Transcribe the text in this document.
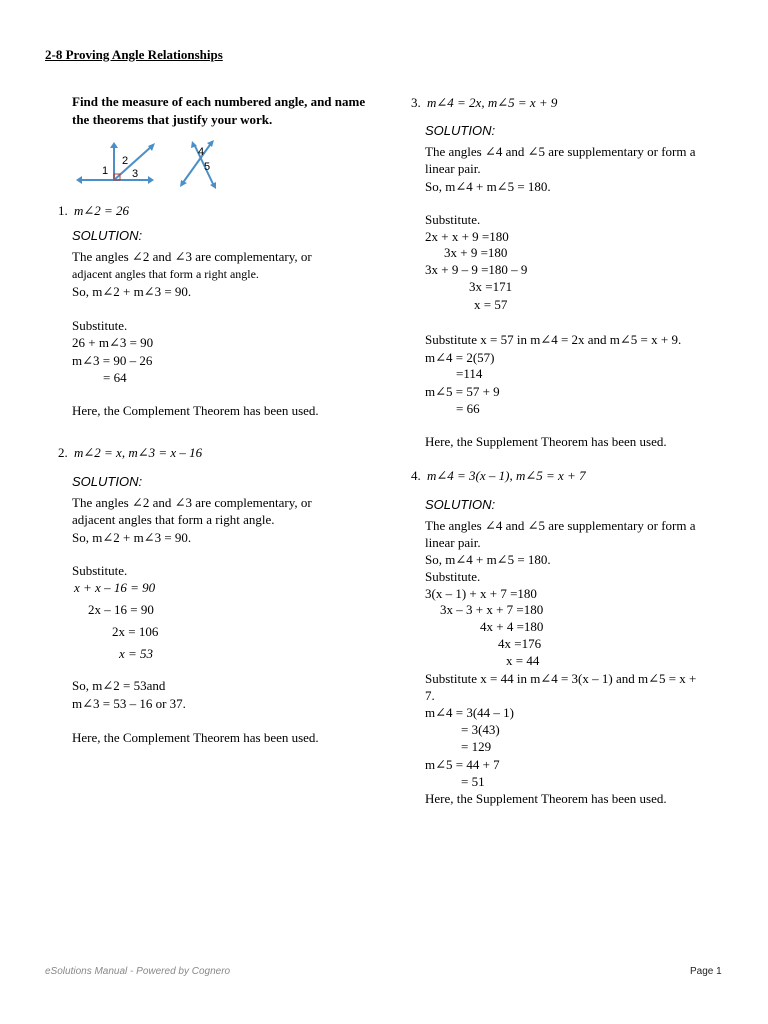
2-8 Proving Angle Relationships
Find the measure of each numbered angle, and name the theorems that justify your work.
1
2
3
4
5
1. m∠2 = 26
SOLUTION:
The angles ∠2 and ∠3 are complementary, or
adjacent angles that form a right angle.
So, m∠2 + m∠3 = 90.
Substitute.
26 + m∠3 = 90
m∠3 = 90 – 26
= 64
Here, the Complement Theorem has been used.
2. m∠2 = x, m∠3 = x – 16
SOLUTION:
The angles ∠2 and ∠3 are complementary, or
adjacent angles that form a right angle.
So, m∠2 + m∠3 = 90.
Substitute.
x + x – 16 = 90
2x – 16 = 90
2x = 106
x = 53
So, m∠2 = 53and
m∠3 = 53 – 16 or 37.
Here, the Complement Theorem has been used.
3. m∠4 = 2x, m∠5 = x + 9
SOLUTION:
The angles ∠4 and ∠5 are supplementary or form a
linear pair.
So, m∠4 + m∠5 = 180.
Substitute.
2x + x + 9 =180
3x + 9 =180
3x + 9 – 9 =180 – 9
3x =171
x = 57
Substitute x = 57 in m∠4 = 2x and m∠5 = x + 9.
m∠4 = 2(57)
=114
m∠5 = 57 + 9
= 66
Here, the Supplement Theorem has been used.
4. m∠4 = 3(x – 1), m∠5 = x + 7
SOLUTION:
The angles ∠4 and ∠5 are supplementary or form a
linear pair.
So, m∠4 + m∠5 = 180.
Substitute.
3(x – 1) + x + 7 =180
3x – 3 + x + 7 =180
4x + 4 =180
4x =176
x = 44
Substitute x = 44 in m∠4 = 3(x – 1) and m∠5 = x +
7.
m∠4 = 3(44 – 1)
= 3(43)
= 129
m∠5 = 44 + 7
= 51
Here, the Supplement Theorem has been used.
eSolutions Manual - Powered by Cognero	Page 1
